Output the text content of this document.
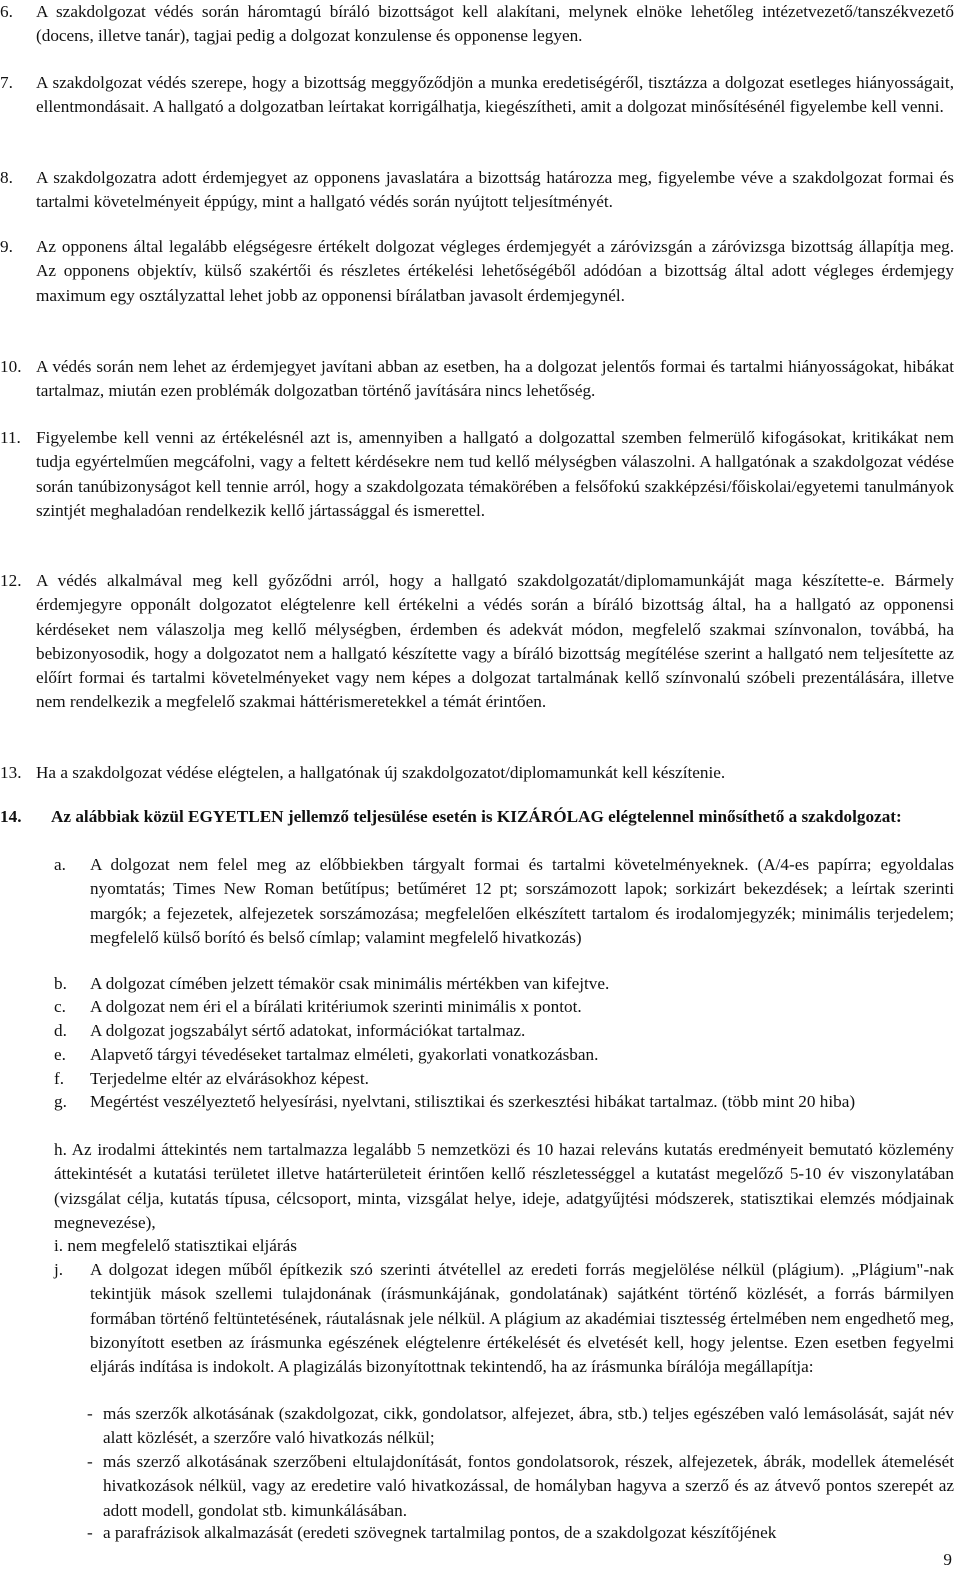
6. A szakdolgozat védés során háromtagú bíráló bizottságot kell alakítani, melynek elnöke lehetőleg intézetvezető/tanszékvezető (docens, illetve tanár), tagjai pedig a dolgozat konzulense és opponense legyen.
7. A szakdolgozat védés szerepe, hogy a bizottság meggyőződjön a munka eredetiségéről, tisztázza a dolgozat esetleges hiányosságait, ellentmondásait. A hallgató a dolgozatban leírtakat korrigálhatja, kiegészítheti, amit a dolgozat minősítésénél figyelembe kell venni.
8. A szakdolgozatra adott érdemjegyet az opponens javaslatára a bizottság határozza meg, figyelembe véve a szakdolgozat formai és tartalmi követelményeit éppúgy, mint a hallgató védés során nyújtott teljesítményét.
9. Az opponens által legalább elégségesre értékelt dolgozat végleges érdemjegyét a záróvizsgán a záróvizsga bizottság állapítja meg. Az opponens objektív, külső szakértői és részletes értékelési lehetőségéből adódóan a bizottság által adott végleges érdemjegy maximum egy osztályzattal lehet jobb az opponensi bírálatban javasolt érdemjegynél.
10. A védés során nem lehet az érdemjegyet javítani abban az esetben, ha a dolgozat jelentős formai és tartalmi hiányosságokat, hibákat tartalmaz, miután ezen problémák dolgozatban történő javítására nincs lehetőség.
11. Figyelembe kell venni az értékelésnél azt is, amennyiben a hallgató a dolgozattal szemben felmerülő kifogásokat, kritikákat nem tudja egyértelműen megcáfolni, vagy a feltett kérdésekre nem tud kellő mélységben válaszolni. A hallgatónak a szakdolgozat védése során tanúbizonyságot kell tennie arról, hogy a szakdolgozata témakörében a felsőfokú szakképzési/főiskolai/egyetemi tanulmányok szintjét meghaladóan rendelkezik kellő jártassággal és ismerettel.
12. A védés alkalmával meg kell győződni arról, hogy a hallgató szakdolgozatát/diplomamunkáját maga készítette-e. Bármely érdemjegyre opponált dolgozatot elégtelenre kell értékelni a védés során a bíráló bizottság által, ha a hallgató az opponensi kérdéseket nem válaszolja meg kellő mélységben, érdemben és adekvát módon, megfelelő szakmai színvonalon, továbbá, ha bebizonyosodik, hogy a dolgozatot nem a hallgató készítette vagy a bíráló bizottság megítélése szerint a hallgató nem teljesítette az előírt formai és tartalmi követelményeket vagy nem képes a dolgozat tartalmának kellő színvonalú szóbeli prezentálására, illetve nem rendelkezik a megfelelő szakmai háttérismeretekkel a témát érintően.
13. Ha a szakdolgozat védése elégtelen, a hallgatónak új szakdolgozatot/diplomamunkát kell készítenie.
14. Az alábbiak közül EGYETLEN jellemző teljesülése esetén is KIZÁRÓLAG elégtelennel minősíthető a szakdolgozat:
a. A dolgozat nem felel meg az előbbiekben tárgyalt formai és tartalmi követelményeknek. (A/4-es papírra; egyoldalas nyomtatás; Times New Roman betűtípus; betűméret 12 pt; sorszámozott lapok; sorkizárt bekezdések; a leírtak szerinti margók; a fejezetek, alfejezetek sorszámozása; megfelelően elkészített tartalom és irodalomjegyzék; minimális terjedelem; megfelelő külső borító és belső címlap; valamint megfelelő hivatkozás)
b. A dolgozat címében jelzett témakör csak minimális mértékben van kifejtve.
c. A dolgozat nem éri el a bírálati kritériumok szerinti minimális x pontot.
d. A dolgozat jogszabályt sértő adatokat, információkat tartalmaz.
e. Alapvető tárgyi tévedéseket tartalmaz elméleti, gyakorlati vonatkozásban.
f. Terjedelme eltér az elvárásokhoz képest.
g. Megértést veszélyeztető helyesírási, nyelvtani, stilisztikai és szerkesztési hibákat tartalmaz. (több mint 20 hiba)
h. Az irodalmi áttekintés nem tartalmazza legalább 5 nemzetközi és 10 hazai releváns kutatás eredményeit bemutató közlemény áttekintését a kutatási területet illetve határterületeit érintően kellő részletességgel a kutatást megelőző 5-10 év viszonylatában (vizsgálat célja, kutatás típusa, célcsoport, minta, vizsgálat helye, ideje, adatgyűjtési módszerek, statisztikai elemzés módjainak megnevezése),
i. nem megfelelő statisztikai eljárás
j. A dolgozat idegen műből építkezik szó szerinti átvétellel az eredeti forrás megjelölése nélkül (plágium). „Plágium"-nak tekintjük mások szellemi tulajdonának (írásmunkájának, gondolatának) sajátként történő közlését, a forrás bármilyen formában történő feltüntetésének, ráutalásnak jele nélkül. A plágium az akadémiai tisztesség értelmében nem engedhető meg, bizonyított esetben az írásmunka egészének elégtelenre értékelését és elvetését kell, hogy jelentse. Ezen esetben fegyelmi eljárás indítása is indokolt. A plagizálás bizonyítottnak tekintendő, ha az írásmunka bírálója megállapítja:
- más szerzők alkotásának (szakdolgozat, cikk, gondolatsor, alfejezet, ábra, stb.) teljes egészében való lemásolását, saját név alatt közlését, a szerzőre való hivatkozás nélkül;
- más szerző alkotásának szerzőbeni eltulajdonítását, fontos gondolatsorok, részek, alfejezetek, ábrák, modellek átemelését hivatkozások nélkül, vagy az eredetire való hivatkozással, de homályban hagyva a szerző és az átvevő pontos szerepét az adott modell, gondolat stb. kimunkálásában.
- a parafrázisok alkalmazását (eredeti szövegnek tartalmilag pontos, de a szakdolgozat készítőjének
9
